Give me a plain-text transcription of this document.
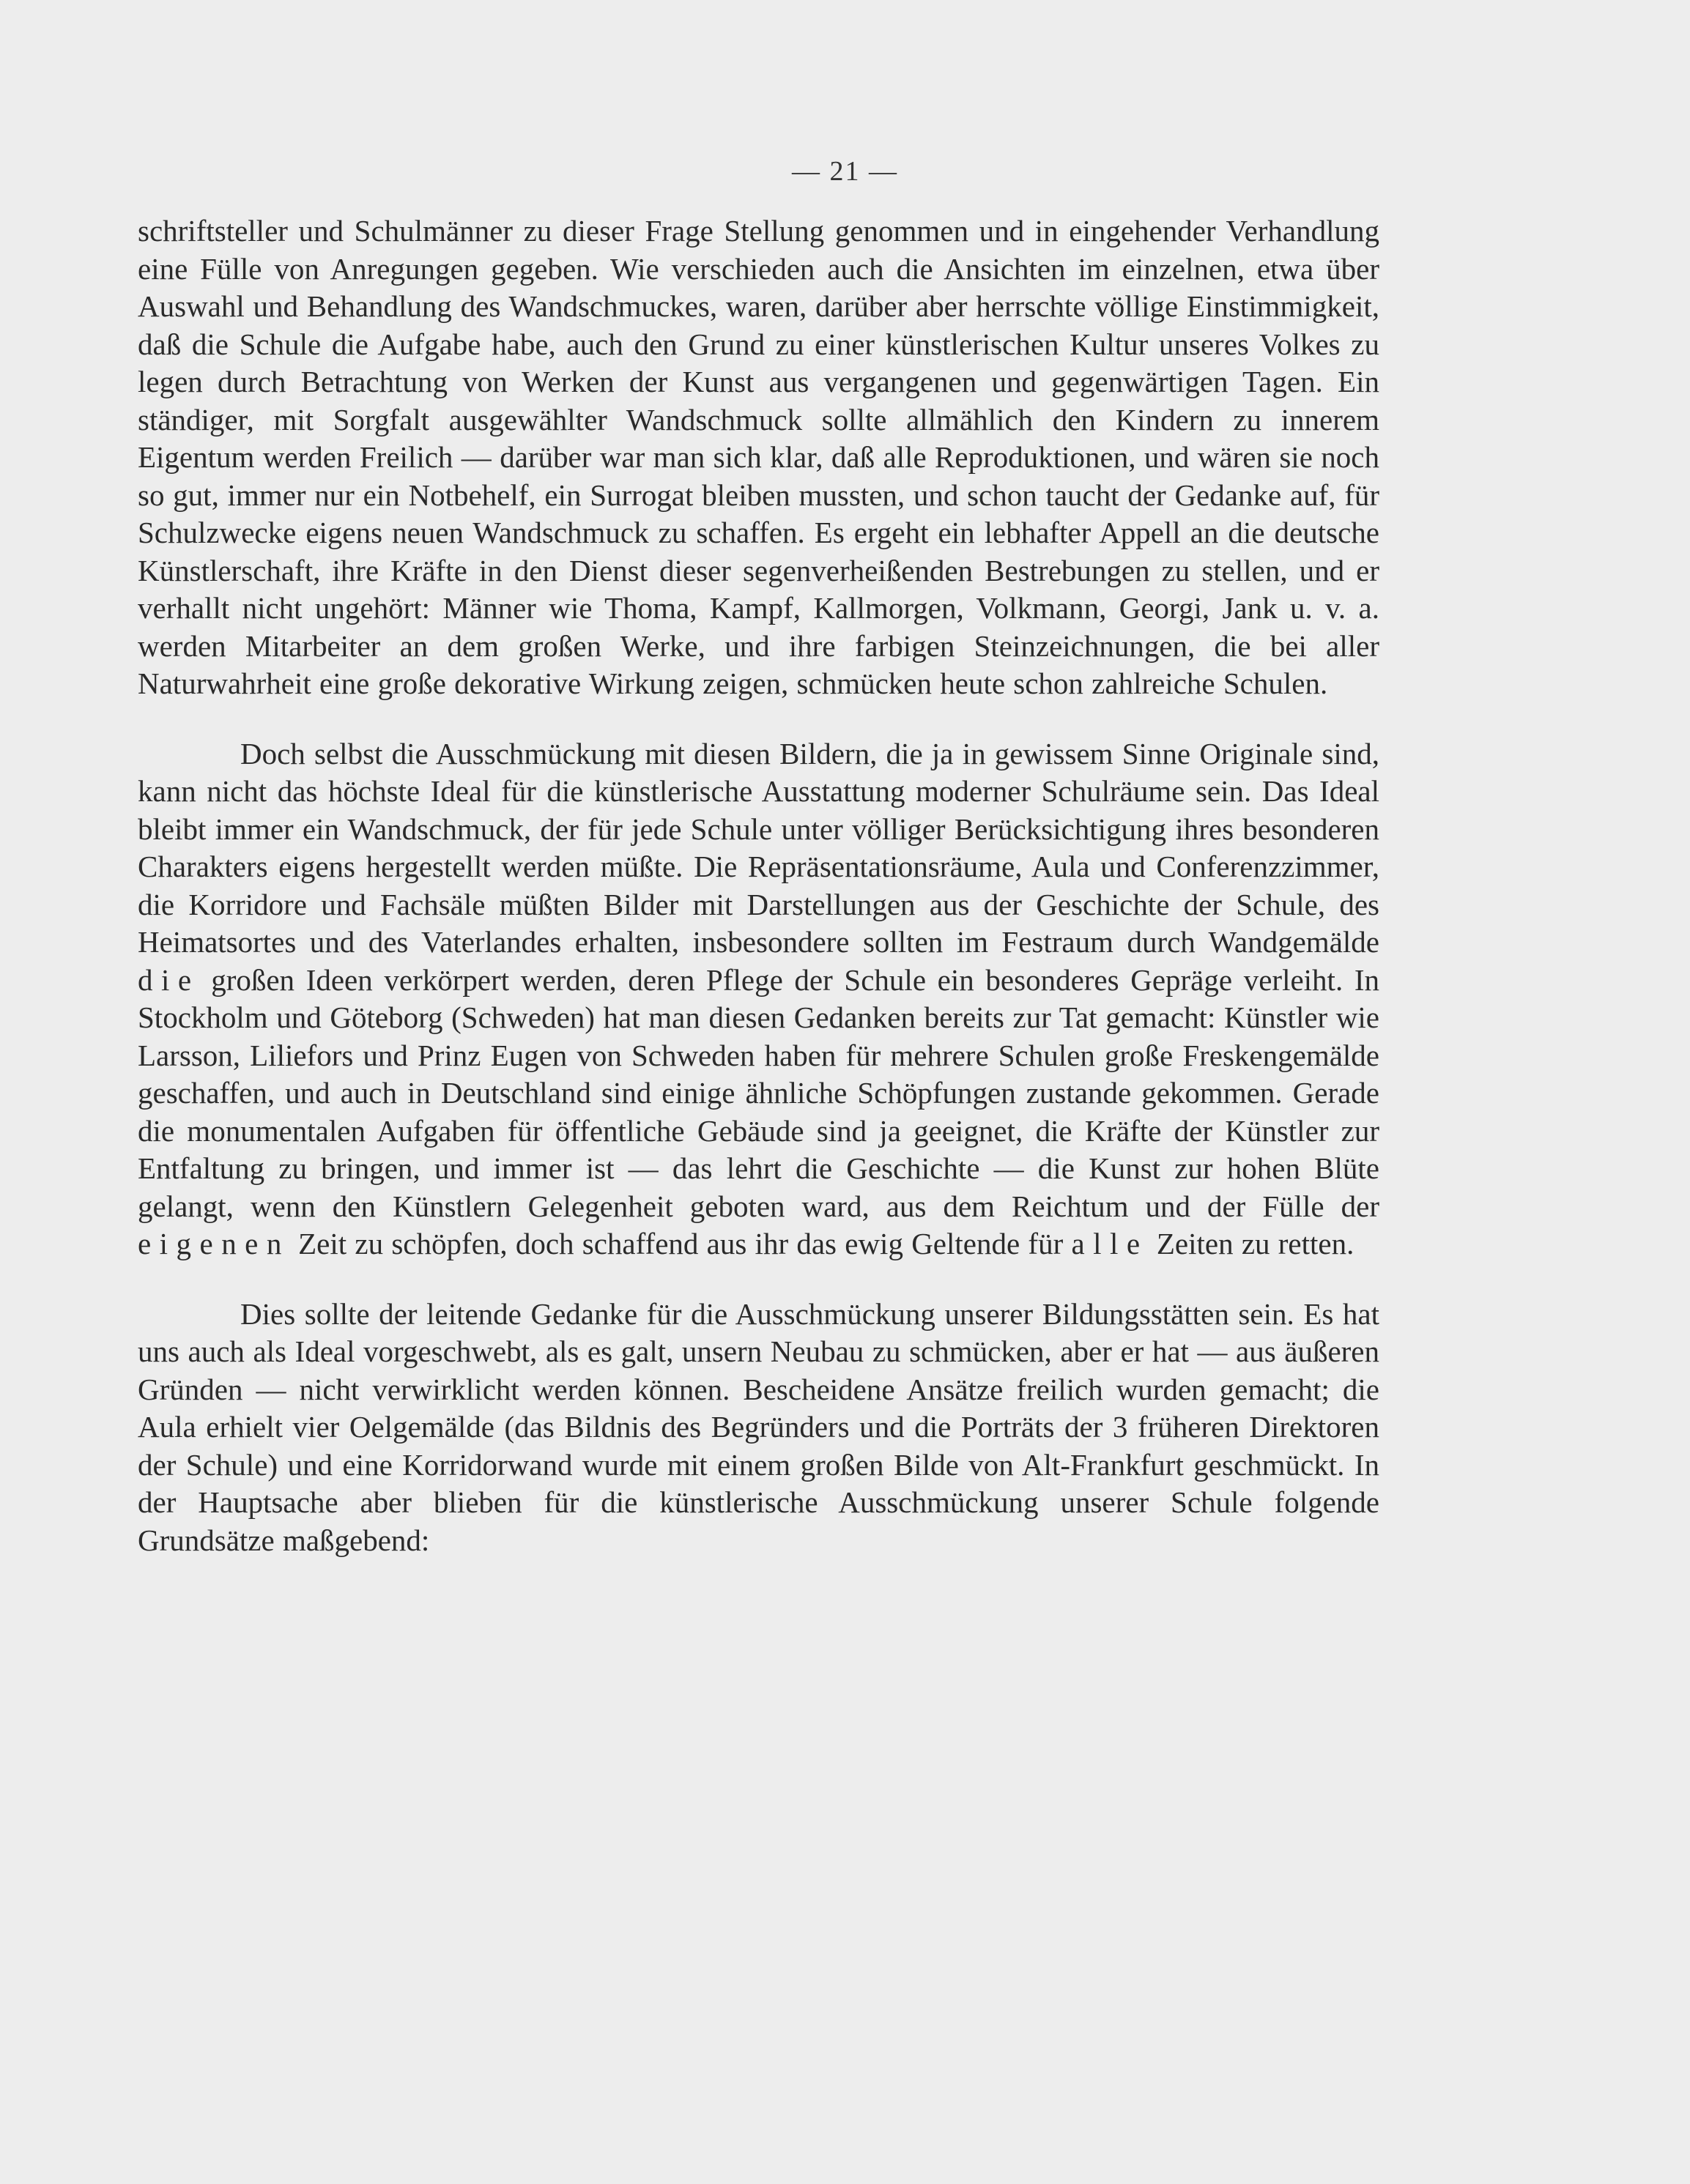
— 21 —

schriftsteller und Schulmänner zu dieser Frage Stellung genommen und in eingehender Verhandlung eine Fülle von Anregungen gegeben. Wie verschieden auch die Ansichten im einzelnen, etwa über Auswahl und Behandlung des Wandschmuckes, waren, darüber aber herrschte völlige Einstimmigkeit, daß die Schule die Aufgabe habe, auch den Grund zu einer künstlerischen Kultur unseres Volkes zu legen durch Betrachtung von Werken der Kunst aus vergangenen und gegenwärtigen Tagen. Ein ständiger, mit Sorgfalt ausgewählter Wandschmuck sollte allmählich den Kindern zu innerem Eigentum werden Freilich — darüber war man sich klar, daß alle Reproduktionen, und wären sie noch so gut, immer nur ein Notbehelf, ein Surrogat bleiben mussten, und schon taucht der Gedanke auf, für Schulzwecke eigens neuen Wandschmuck zu schaffen. Es ergeht ein lebhafter Appell an die deutsche Künstlerschaft, ihre Kräfte in den Dienst dieser segenverheißenden Bestrebungen zu stellen, und er verhallt nicht ungehört: Männer wie Thoma, Kampf, Kallmorgen, Volkmann, Georgi, Jank u. v. a. werden Mitarbeiter an dem großen Werke, und ihre farbigen Steinzeichnungen, die bei aller Naturwahrheit eine große dekorative Wirkung zeigen, schmücken heute schon zahlreiche Schulen.

Doch selbst die Ausschmückung mit diesen Bildern, die ja in gewissem Sinne Originale sind, kann nicht das höchste Ideal für die künstlerische Ausstattung moderner Schulräume sein. Das Ideal bleibt immer ein Wandschmuck, der für jede Schule unter völliger Berücksichtigung ihres besonderen Charakters eigens hergestellt werden müßte. Die Repräsentationsräume, Aula und Conferenzzimmer, die Korridore und Fachsäle müßten Bilder mit Darstellungen aus der Geschichte der Schule, des Heimatsortes und des Vaterlandes erhalten, insbesondere sollten im Festraum durch Wandgemälde die großen Ideen verkörpert werden, deren Pflege der Schule ein besonderes Gepräge verleiht. In Stockholm und Göteborg (Schweden) hat man diesen Gedanken bereits zur Tat gemacht: Künstler wie Larsson, Liliefors und Prinz Eugen von Schweden haben für mehrere Schulen große Freskengemälde geschaffen, und auch in Deutschland sind einige ähnliche Schöpfungen zustande gekommen. Gerade die monumentalen Aufgaben für öffentliche Gebäude sind ja geeignet, die Kräfte der Künstler zur Entfaltung zu bringen, und immer ist — das lehrt die Geschichte — die Kunst zur hohen Blüte gelangt, wenn den Künstlern Gelegenheit geboten ward, aus dem Reichtum und der Fülle der eigenen Zeit zu schöpfen, doch schaffend aus ihr das ewig Geltende für alle Zeiten zu retten.

Dies sollte der leitende Gedanke für die Ausschmückung unserer Bildungsstätten sein. Es hat uns auch als Ideal vorgeschwebt, als es galt, unsern Neubau zu schmücken, aber er hat — aus äußeren Gründen — nicht verwirklicht werden können. Bescheidene Ansätze freilich wurden gemacht; die Aula erhielt vier Oelgemälde (das Bildnis des Begründers und die Porträts der 3 früheren Direktoren der Schule) und eine Korridorwand wurde mit einem großen Bilde von Alt-Frankfurt geschmückt. In der Hauptsache aber blieben für die künstlerische Ausschmückung unserer Schule folgende Grundsätze maßgebend:
